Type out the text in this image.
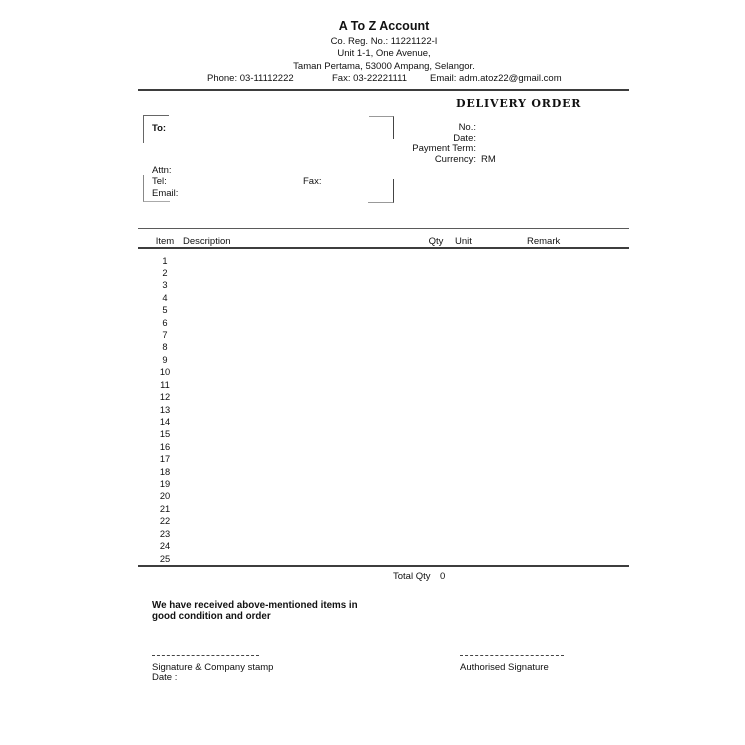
A To Z Account
Co. Reg. No.: 11221122-I
Unit 1-1, One Avenue,
Taman Pertama, 53000 Ampang, Selangor.
Phone: 03-11112222	Fax: 03-22221111 Email: adm.atoz22@gmail.com
DELIVERY ORDER
To:
Attn:
Tel:	Fax:
Email:
No.:
Date:
Payment Term:
Currency: RM
Item Description	Qty Unit	Remark
1
2
3
4
5
6
7
8
9
10
11
12
13
14
15
16
17
18
19
20
21
22
23
24
25
Total Qty 0
We have received above-mentioned items in
good condition and order
Signature & Company stamp
Date :
Authorised Signature
